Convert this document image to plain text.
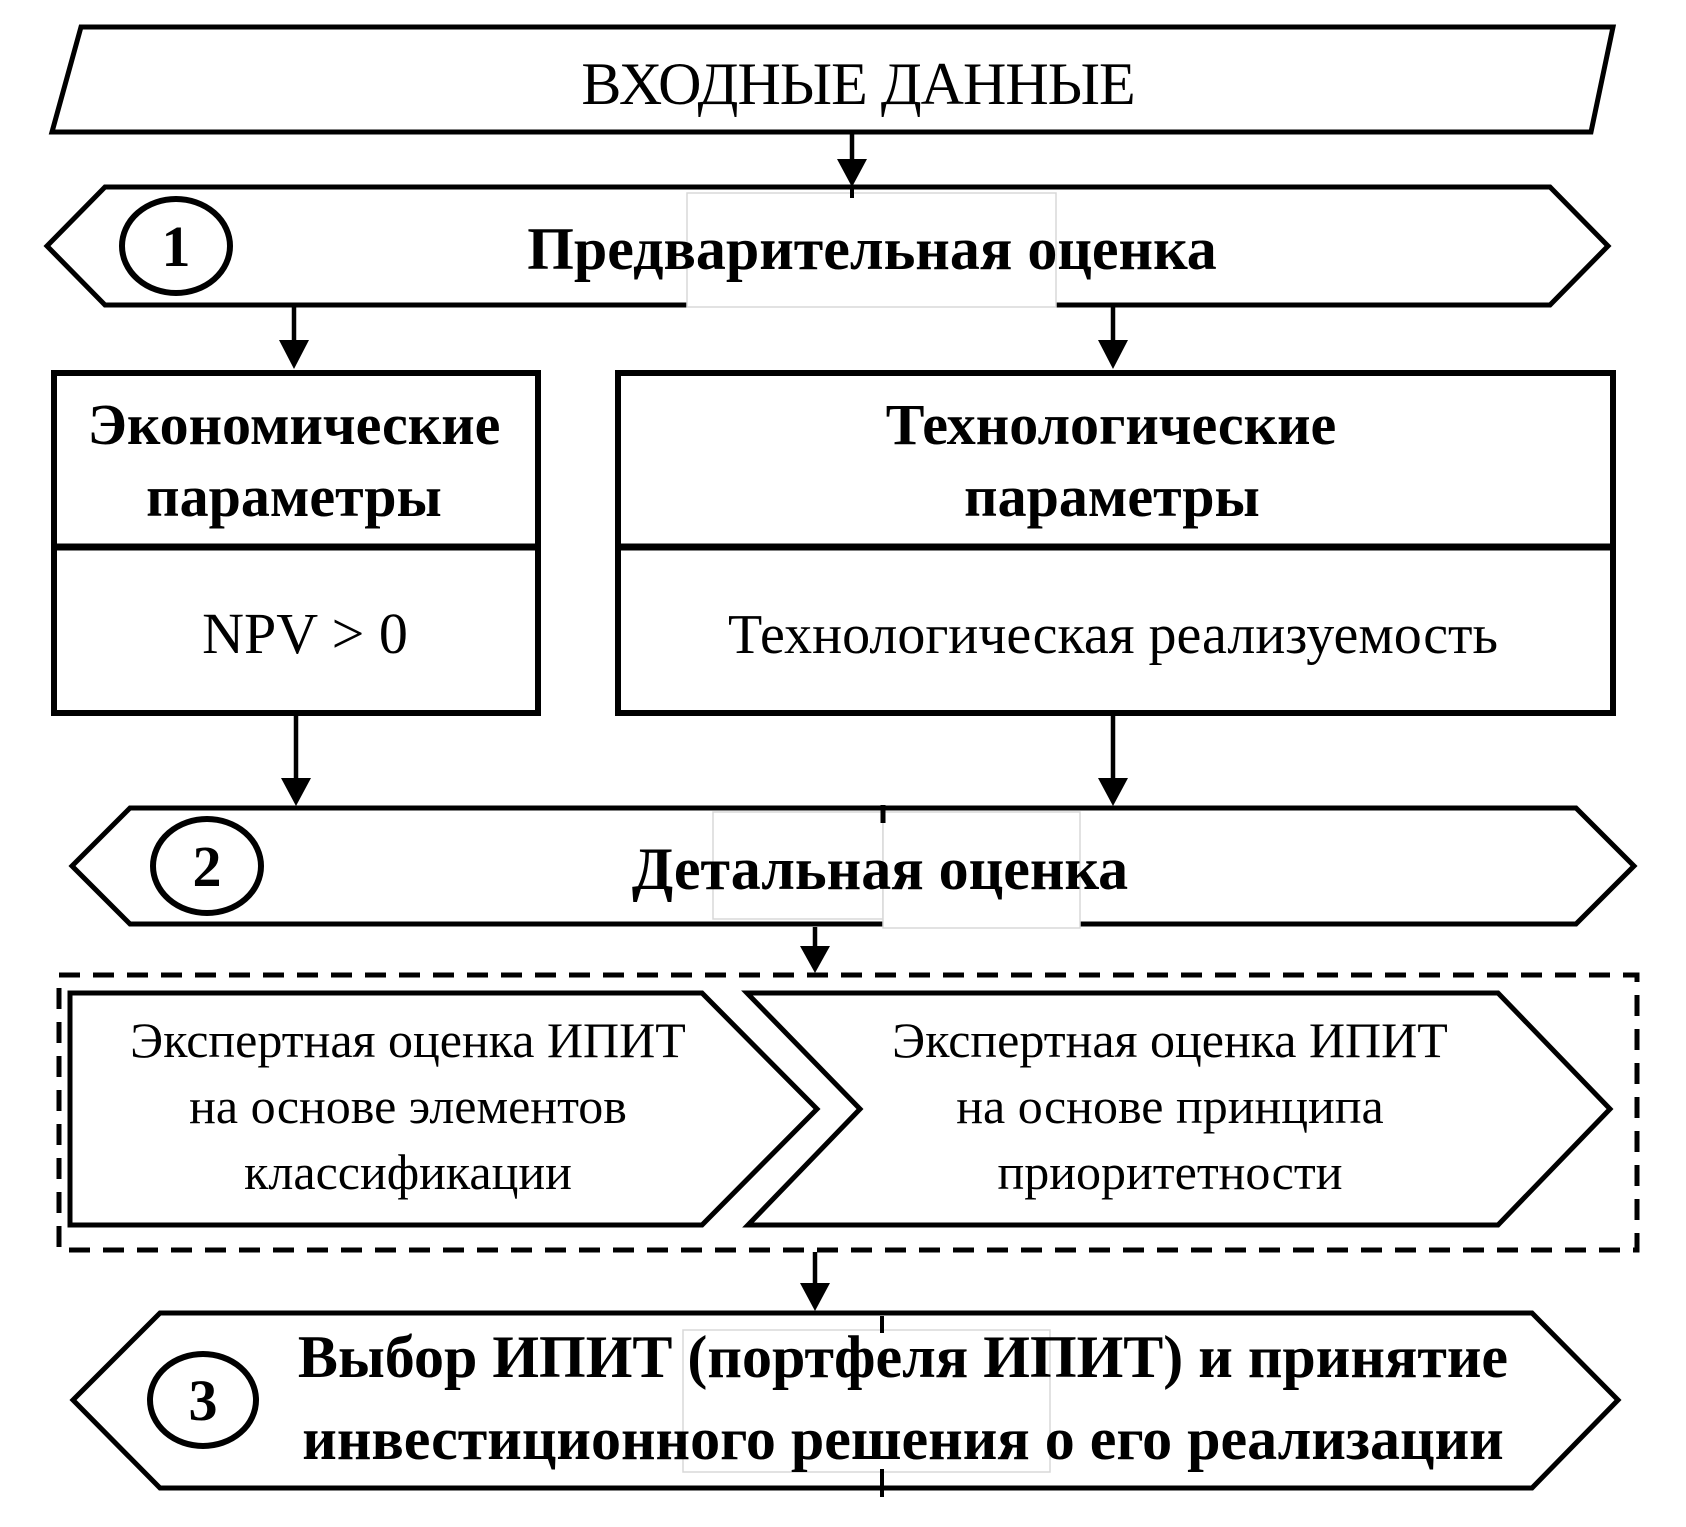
ВХОДНЫЕ ДАННЫЕ
1	Предварительная оценка
Экономические
параметры
NPV > 0
Технологические
параметры
Технологическая реализуемость
2	Детальная оценка
Экспертная оценка ИПИТ
на основе элементов
классификации
Экспертная оценка ИПИТ
на основе принципа
приоритетности
3
Выбор ИПИТ (портфеля ИПИТ) и принятие
инвестиционного решения о его реализации
